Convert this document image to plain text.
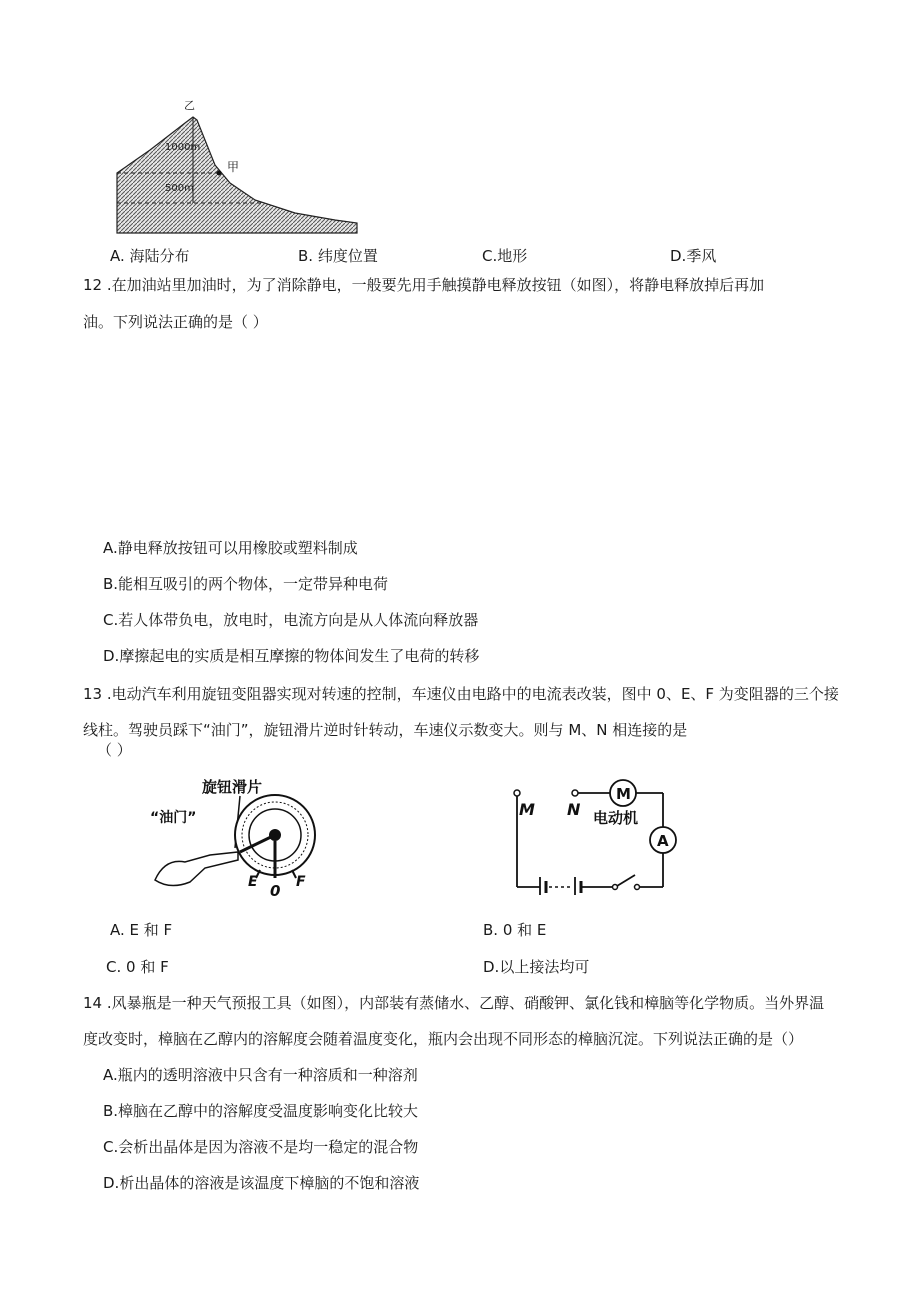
乙
甲
1000m
500m
A. 海陆分布	B. 纬度位置	C.地形	D.季风
12 .在加油站里加油时，为了消除静电，一般要先用手触摸静电释放按钮（如图），将静电释放掉后再加
油。下列说法正确的是（ ）
A.静电释放按钮可以用橡胶或塑料制成
B.能相互吸引的两个物体，一定带异种电荷
C.若人体带负电，放电时，电流方向是从人体流向释放器
D.摩擦起电的实质是相互摩擦的物体间发生了电荷的转移
13 .电动汽车利用旋钮变阻器实现对转速的控制，车速仪由电路中的电流表改装，图中 0、E、F 为变阻器的三个接
线柱。驾驶员踩下“油门”，旋钮滑片逆时针转动，车速仪示数变大。则与 M、N 相连接的是
（ ）
旋钮滑片
“油门”
E 0 F
M N
M
A
电动机
A. E 和 F	B. 0 和 E
C. 0 和 F	D.以上接法均可
14 .风暴瓶是一种天气预报工具（如图），内部装有蒸储水、乙醇、硝酸钾、氯化钱和樟脑等化学物质。当外界温
度改变时，樟脑在乙醇内的溶解度会随着温度变化，瓶内会出现不同形态的樟脑沉淀。下列说法正确的是（）
A.瓶内的透明溶液中只含有一种溶质和一种溶剂
B.樟脑在乙醇中的溶解度受温度影响变化比较大
C.会析出晶体是因为溶液不是均一稳定的混合物
D.析出晶体的溶液是该温度下樟脑的不饱和溶液
